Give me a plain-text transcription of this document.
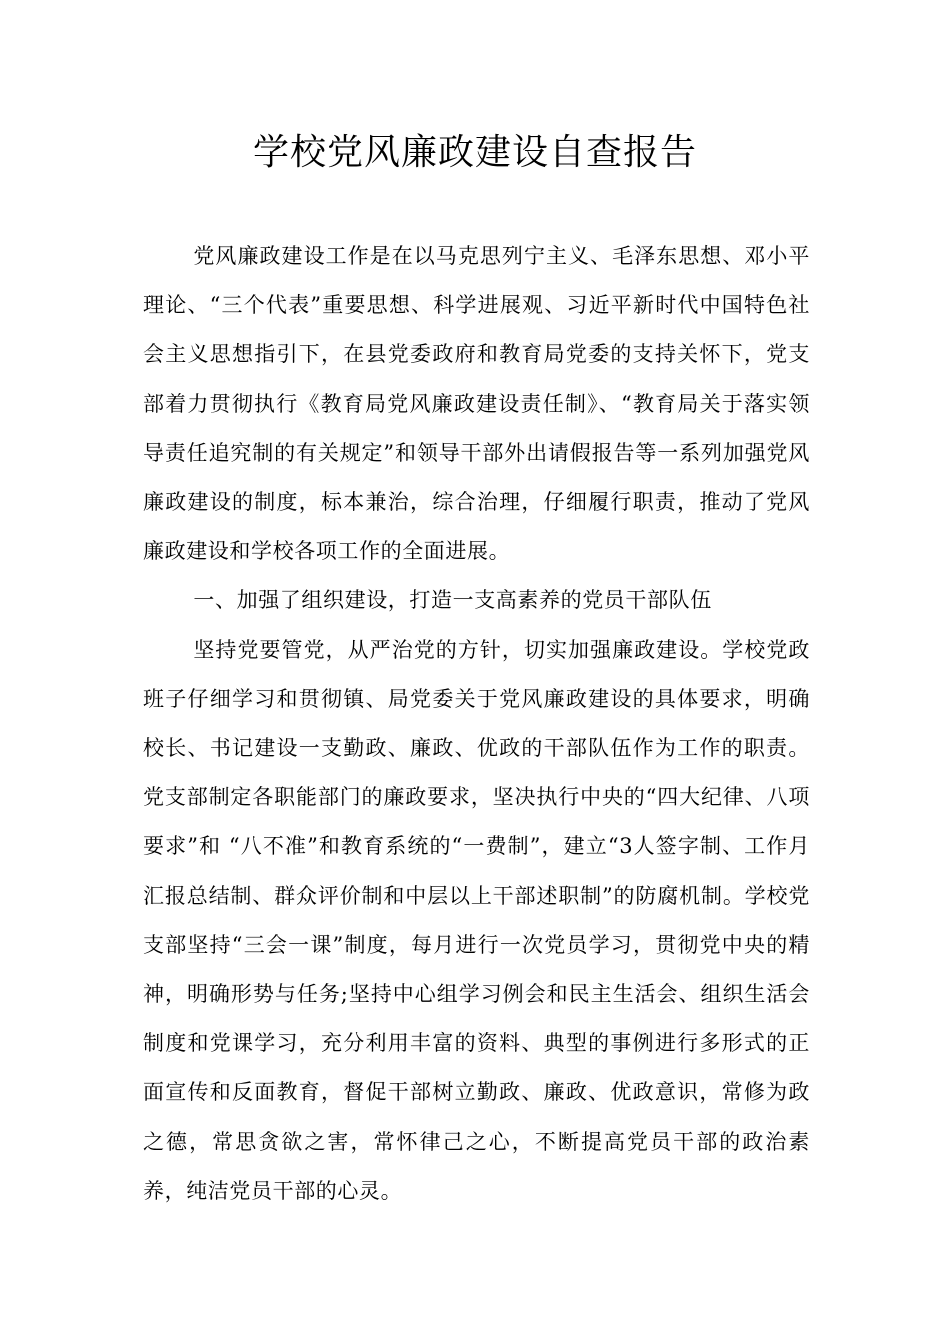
学校党风廉政建设自查报告

党风廉政建设工作是在以马克思列宁主义、毛泽东思想、邓小平理论、“三个代表”重要思想、科学进展观、习近平新时代中国特色社会主义思想指引下，在县党委政府和教育局党委的支持关怀下，党支部着力贯彻执行《教育局党风廉政建设责任制》、“教育局关于落实领导责任追究制的有关规定”和领导干部外出请假报告等一系列加强党风廉政建设的制度，标本兼治，综合治理，仔细履行职责，推动了党风廉政建设和学校各项工作的全面进展。

一、加强了组织建设，打造一支高素养的党员干部队伍

坚持党要管党，从严治党的方针，切实加强廉政建设。学校党政班子仔细学习和贯彻镇、局党委关于党风廉政建设的具体要求，明确校长、书记建设一支勤政、廉政、优政的干部队伍作为工作的职责。党支部制定各职能部门的廉政要求，坚决执行中央的“四大纪律、八项要求”和 “八不准”和教育系统的“一费制”，建立“3人签字制、工作月汇报总结制、群众评价制和中层以上干部述职制”的防腐机制。学校党支部坚持“三会一课”制度，每月进行一次党员学习，贯彻党中央的精神，明确形势与任务;坚持中心组学习例会和民主生活会、组织生活会制度和党课学习，充分利用丰富的资料、典型的事例进行多形式的正面宣传和反面教育，督促干部树立勤政、廉政、优政意识，常修为政之德，常思贪欲之害，常怀律己之心，不断提高党员干部的政治素养，纯洁党员干部的心灵。
